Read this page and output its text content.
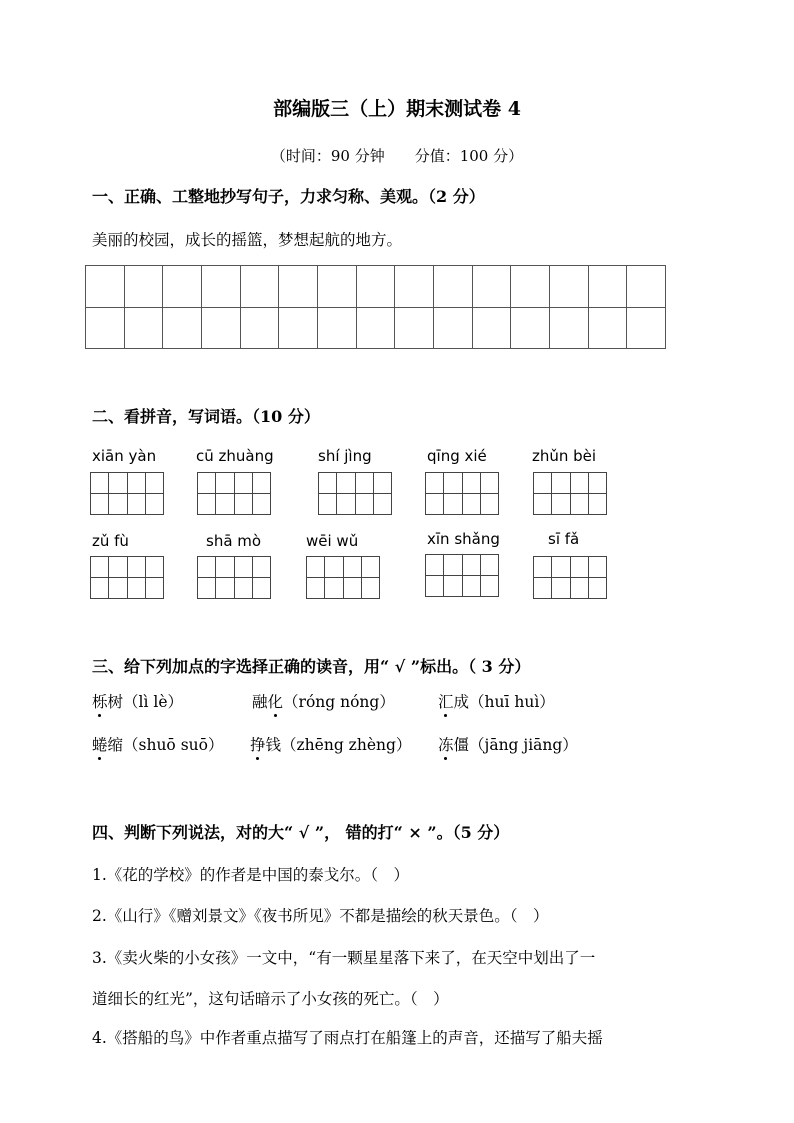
部编版三（上）期末测试卷 4
（时间：90 分钟　　分值：100 分）
一、正确、工整地抄写句子，力求匀称、美观。（2 分）
美丽的校园，成长的摇篮，梦想起航的地方。
二、看拼音，写词语。（10 分）
xiān yàn	cū zhuàng	shí jìng	qīng xié	zhǔn bèi
zǔ fù	shā mò	wēi wǔ	xīn shǎng	sī fǎ
三、给下列加点的字选择正确的读音，用“ √ ”标出。（ 3 分）
栎树（lì lè）	融化（róng nóng）	汇成（huī huì）
蜷缩（shuō suō） 挣钱（zhēng zhèng） 冻僵（jāng jiāng）
四、判断下列说法，对的大“ √ ”， 错的打“ × ”。（5 分）
1.《花的学校》的作者是中国的泰戈尔。（　）
2.《山行》《赠刘景文》《夜书所见》不都是描绘的秋天景色。（　）
3.《卖火柴的小女孩》一文中，“有一颗星星落下来了，在天空中划出了一
道细长的红光”，这句话暗示了小女孩的死亡。（　）
4.《搭船的鸟》中作者重点描写了雨点打在船篷上的声音，还描写了船夫摇
